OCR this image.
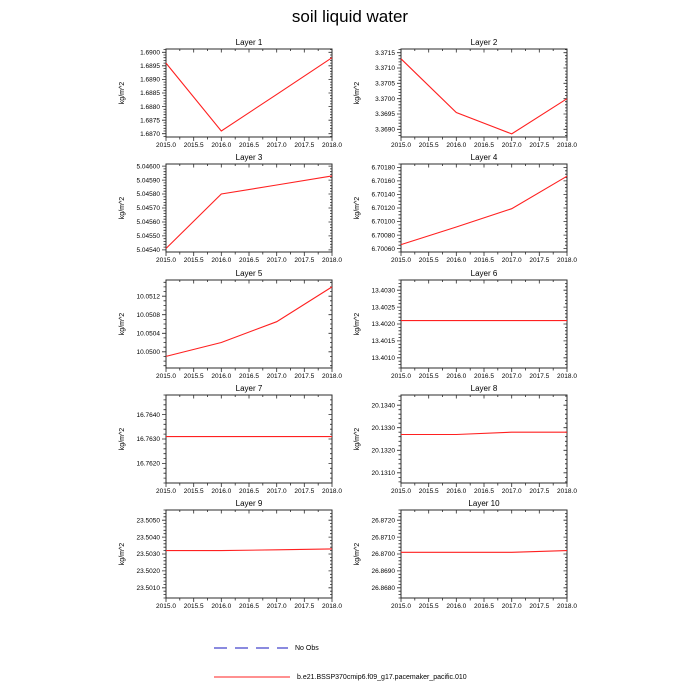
soil liquid water
Layer 1
2015.0 2015.5 2016.0 2016.5 2017.0 2017.5 2018.0
1.6870
1.6875
1.6880
1.6885
1.6890
1.6895
1.6900
kg/m^2
Layer 2
2015.0 2015.5 2016.0 2016.5 2017.0 2017.5 2018.0
3.3690
3.3695
3.3700
3.3705
3.3710
3.3715
kg/m^2
Layer 3
2015.0 2015.5 2016.0 2016.5 2017.0 2017.5 2018.0
5.04540
5.04550
5.04560
5.04570
5.04580
5.04590
5.04600
kg/m^2
Layer 4
2015.0 2015.5 2016.0 2016.5 2017.0 2017.5 2018.0
6.70060
6.70080
6.70100
6.70120
6.70140
6.70160
6.70180
kg/m^2
Layer 5
2015.0 2015.5 2016.0 2016.5 2017.0 2017.5 2018.0
10.0500
10.0504
10.0508
10.0512
kg/m^2
Layer 6
2015.0 2015.5 2016.0 2016.5 2017.0 2017.5 2018.0
13.4010
13.4015
13.4020
13.4025
13.4030
kg/m^2
Layer 7
2015.0 2015.5 2016.0 2016.5 2017.0 2017.5 2018.0
16.7620
16.7630
16.7640
kg/m^2
Layer 8
2015.0 2015.5 2016.0 2016.5 2017.0 2017.5 2018.0
20.1310
20.1320
20.1330
20.1340
kg/m^2
Layer 9
2015.0 2015.5 2016.0 2016.5 2017.0 2017.5 2018.0
23.5010
23.5020
23.5030
23.5040
23.5050
kg/m^2
Layer 10
2015.0 2015.5 2016.0 2016.5 2017.0 2017.5 2018.0
26.8680
26.8690
26.8700
26.8710
26.8720
kg/m^2
No Obs
b.e21.BSSP370cmip6.f09_g17.pacemaker_pacific.010
